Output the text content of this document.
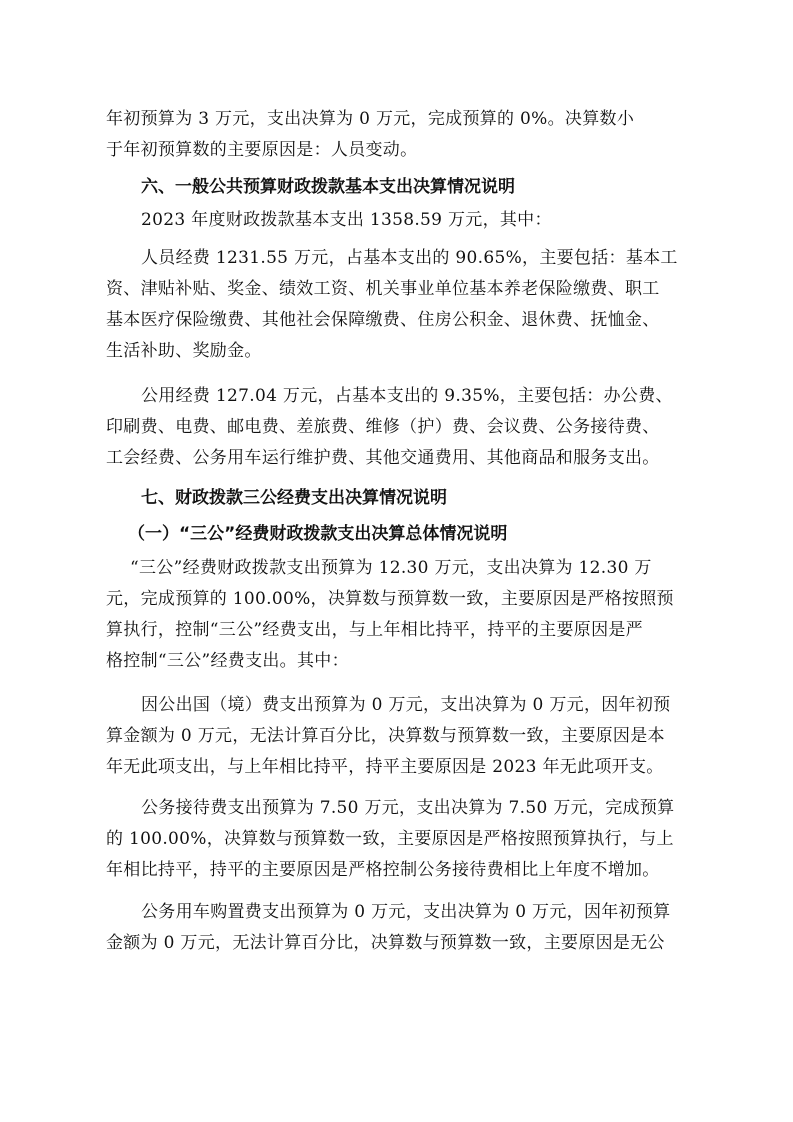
年初预算为 3 万元，支出决算为 0 万元，完成预算的 0%。决算数小
于年初预算数的主要原因是：人员变动。

六、一般公共预算财政拨款基本支出决算情况说明

2023 年度财政拨款基本支出 1358.59 万元，其中：

人员经费 1231.55 万元，占基本支出的 90.65%，主要包括：基本工
资、津贴补贴、奖金、绩效工资、机关事业单位基本养老保险缴费、职工
基本医疗保险缴费、其他社会保障缴费、住房公积金、退休费、抚恤金、
生活补助、奖励金。

公用经费 127.04 万元，占基本支出的 9.35%，主要包括：办公费、
印刷费、电费、邮电费、差旅费、维修（护）费、会议费、公务接待费、
工会经费、公务用车运行维护费、其他交通费用、其他商品和服务支出。

七、财政拨款三公经费支出决算情况说明
（一）“三公”经费财政拨款支出决算总体情况说明

“三公”经费财政拨款支出预算为 12.30 万元，支出决算为 12.30 万
元，完成预算的 100.00%，决算数与预算数一致，主要原因是严格按照预
算执行，控制“三公”经费支出，与上年相比持平，持平的主要原因是严
格控制“三公”经费支出。其中：

因公出国（境）费支出预算为 0 万元，支出决算为 0 万元，因年初预
算金额为 0 万元，无法计算百分比，决算数与预算数一致，主要原因是本
年无此项支出，与上年相比持平，持平主要原因是 2023 年无此项开支。

公务接待费支出预算为 7.50 万元，支出决算为 7.50 万元，完成预算
的 100.00%，决算数与预算数一致，主要原因是严格按照预算执行，与上
年相比持平，持平的主要原因是严格控制公务接待费相比上年度不增加。

公务用车购置费支出预算为 0 万元，支出决算为 0 万元，因年初预算
金额为 0 万元，无法计算百分比，决算数与预算数一致，主要原因是无公
